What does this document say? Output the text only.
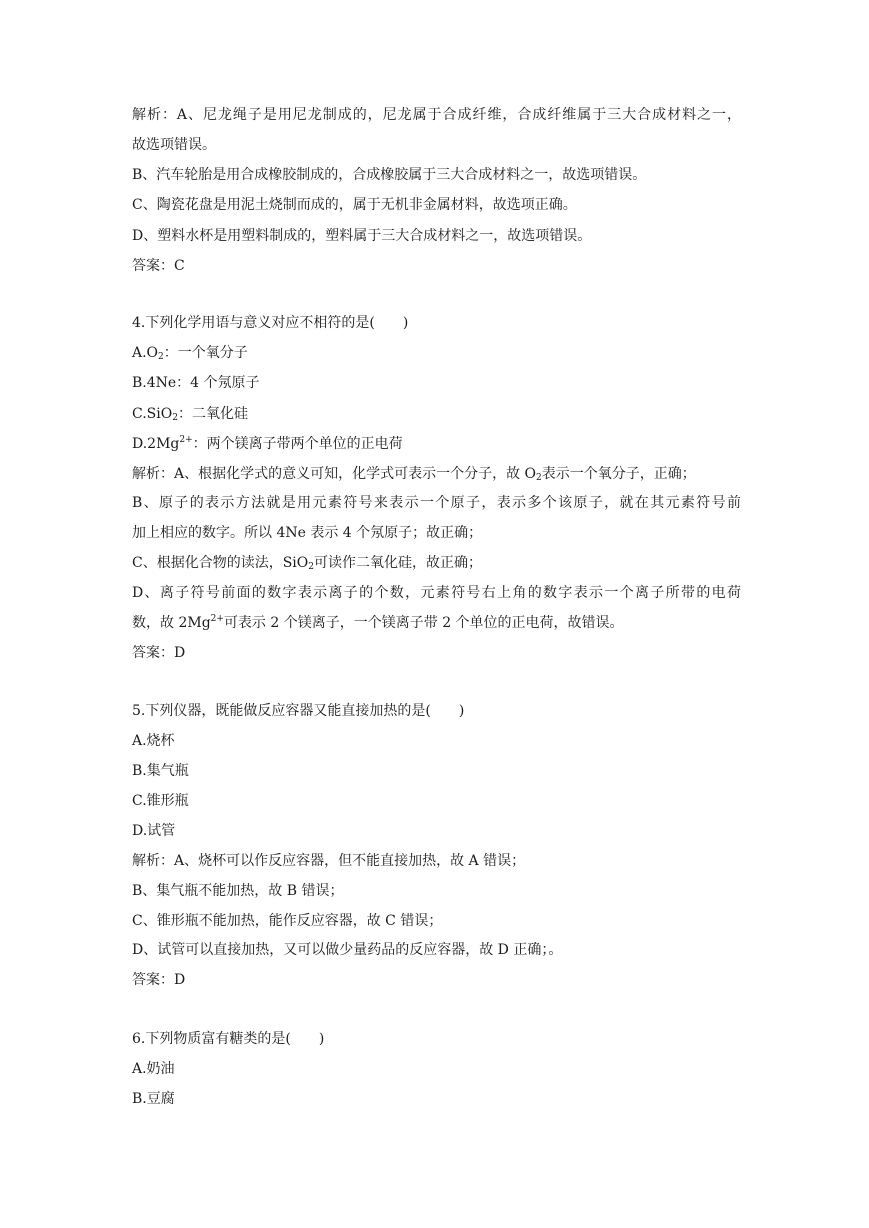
解析：A、尼龙绳子是用尼龙制成的，尼龙属于合成纤维，合成纤维属于三大合成材料之一，
故选项错误。
B、汽车轮胎是用合成橡胶制成的，合成橡胶属于三大合成材料之一，故选项错误。
C、陶瓷花盘是用泥土烧制而成的，属于无机非金属材料，故选项正确。
D、塑料水杯是用塑料制成的，塑料属于三大合成材料之一，故选项错误。
答案：C
4.下列化学用语与意义对应不相符的是(　　)
$A.O_2$：一个氧分子
B.4Ne：4 个氖原子
C.SiO$_2$：二氧化硅
$D.2Mg^{2+}$：两个镁离子带两个单位的正电荷
解析：A、根据化学式的意义可知，化学式可表示一个分子，故 $O_2$表示一个氧分子，正确；
B、原子的表示方法就是用元素符号来表示一个原子，表示多个该原子，就在其元素符号前
加上相应的数字。所以 4Ne 表示 4 个氖原子；故正确；
C、根据化合物的读法，SiO$_2$可读作二氧化硅，故正确；
D、离子符号前面的数字表示离子的个数，元素符号右上角的数字表示一个离子所带的电荷
数，故 $2Mg^{2+}$可表示 2 个镁离子，一个镁离子带 2 个单位的正电荷，故错误。
答案：D
5.下列仪器，既能做反应容器又能直接加热的是(　　)
A.烧杯
B.集气瓶
C.锥形瓶
D.试管
解析：A、烧杯可以作反应容器，但不能直接加热，故 A 错误；
B、集气瓶不能加热，故 B 错误；
C、锥形瓶不能加热，能作反应容器，故 C 错误；
D、试管可以直接加热，又可以做少量药品的反应容器，故 D 正确；。
答案：D
6.下列物质富有糖类的是(　　)
A.奶油
B.豆腐
